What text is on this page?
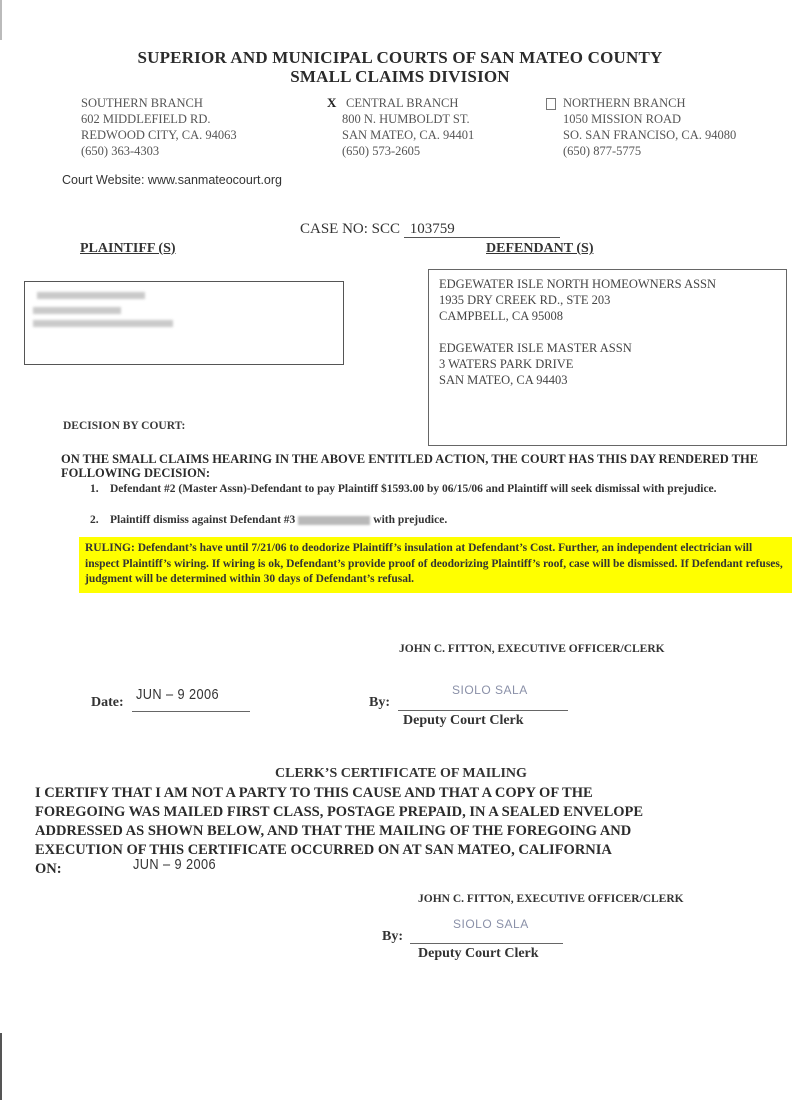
SUPERIOR AND MUNICIPAL COURTS OF SAN MATEO COUNTY
SMALL CLAIMS DIVISION
SOUTHERN BRANCH
602 MIDDLEFIELD RD.
REDWOOD CITY, CA. 94063
(650) 363-4303
X CENTRAL BRANCH
800 N. HUMBOLDT ST.
SAN MATEO, CA. 94401
(650) 573-2605
NORTHERN BRANCH
1050 MISSION ROAD
SO. SAN FRANCISO, CA. 94080
(650) 877-5775
Court Website: www.sanmateocourt.org
CASE NO: SCC 103759
PLAINTIFF (S)	DEFENDANT (S)
EDGEWATER ISLE NORTH HOMEOWNERS ASSN
1935 DRY CREEK RD., STE 203
CAMPBELL, CA 95008
EDGEWATER ISLE MASTER ASSN
3 WATERS PARK DRIVE
SAN MATEO, CA 94403
DECISION BY COURT:
ON THE SMALL CLAIMS HEARING IN THE ABOVE ENTITLED ACTION, THE COURT HAS THIS DAY RENDERED THE FOLLOWING DECISION:
1. Defendant #2 (Master Assn)-Defendant to pay Plaintiff $1593.00 by 06/15/06 and Plaintiff will seek dismissal with prejudice.
2. Plaintiff dismiss against Defendant #3	with prejudice.
RULING: Defendant’s have until 7/21/06 to deodorize Plaintiff’s insulation at Defendant’s Cost. Further, an independent electrician will inspect Plaintiff’s wiring. If wiring is ok, Defendant’s provide proof of deodorizing Plaintiff’s roof, case will be dismissed. If Defendant refuses, judgment will be determined within 30 days of Defendant’s refusal.
JOHN C. FITTON, EXECUTIVE OFFICER/CLERK
Date: JUN – 9 2006	By:
SIOLO SALA
Deputy Court Clerk
CLERK’S CERTIFICATE OF MAILING
I CERTIFY THAT I AM NOT A PARTY TO THIS CAUSE AND THAT A COPY OF THE
FOREGOING WAS MAILED FIRST CLASS, POSTAGE PREPAID, IN A SEALED ENVELOPE
ADDRESSED AS SHOWN BELOW, AND THAT THE MAILING OF THE FOREGOING AND
EXECUTION OF THIS CERTIFICATE OCCURRED ON AT SAN MATEO, CALIFORNIA
ON:	JUN – 9 2006
JOHN C. FITTON, EXECUTIVE OFFICER/CLERK
By:
SIOLO SALA
Deputy Court Clerk
